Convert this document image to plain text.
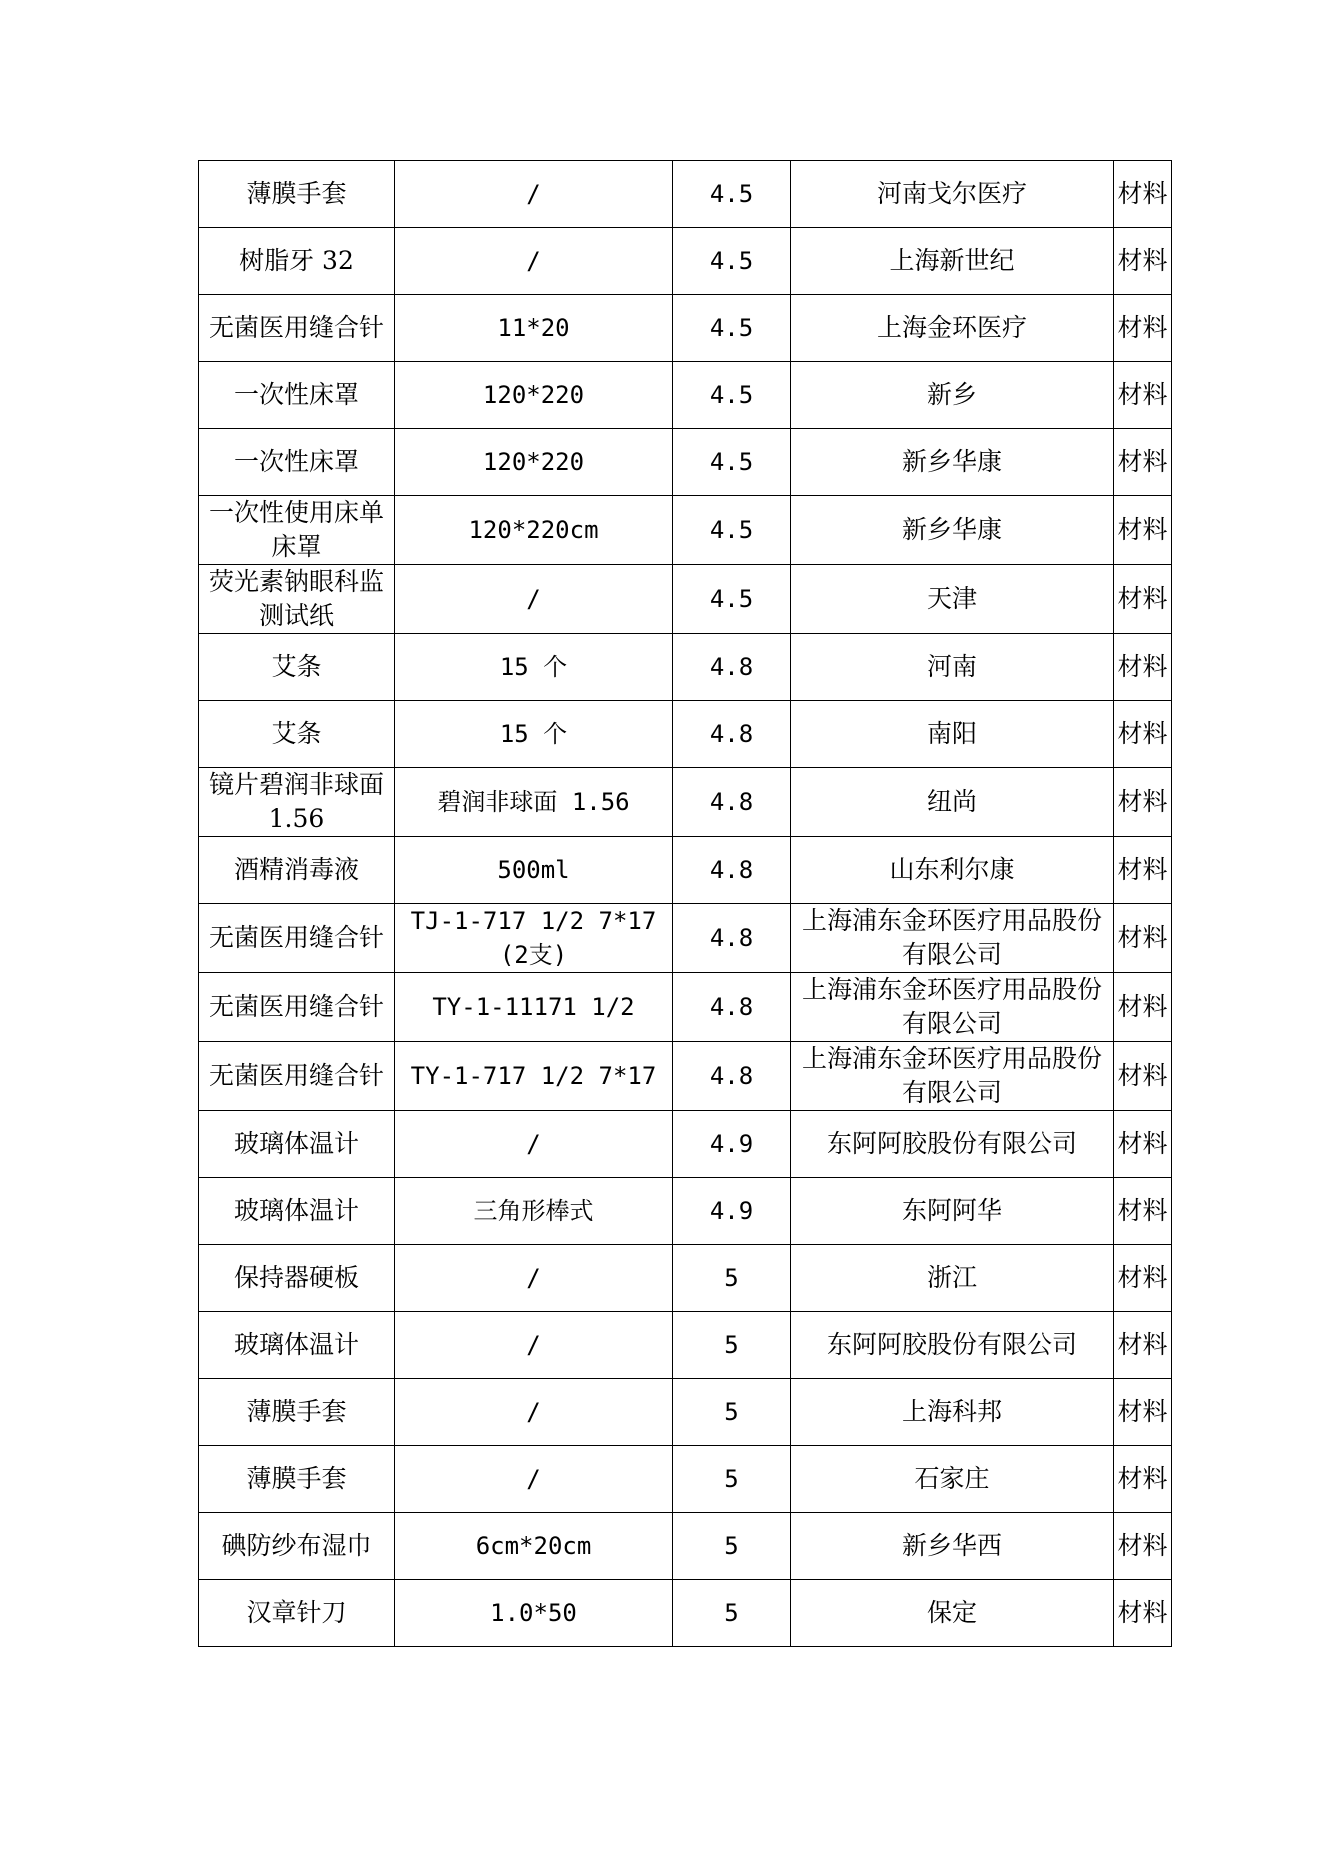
薄膜手套	/	4.5	河南戈尔医疗	材料
树脂牙 32	/	4.5	上海新世纪	材料
无菌医用缝合针	11*20	4.5	上海金环医疗	材料
一次性床罩	120*220	4.5	新乡	材料
一次性床罩	120*220	4.5	新乡华康	材料
一次性使用床单床罩	120*220cm	4.5	新乡华康	材料
荧光素钠眼科监测试纸	/	4.5	天津	材料
艾条	15 个	4.8	河南	材料
艾条	15 个	4.8	南阳	材料
镜片碧润非球面 1.56	碧润非球面 1.56	4.8	纽尚	材料
酒精消毒液	500ml	4.8	山东利尔康	材料
无菌医用缝合针	TJ-1-717 1/2 7*17(2支)	4.8	上海浦东金环医疗用品股份有限公司	材料
无菌医用缝合针	TY-1-11171 1/2	4.8	上海浦东金环医疗用品股份有限公司	材料
无菌医用缝合针	TY-1-717 1/2 7*17	4.8	上海浦东金环医疗用品股份有限公司	材料
玻璃体温计	/	4.9	东阿阿胶股份有限公司	材料
玻璃体温计	三角形棒式	4.9	东阿阿华	材料
保持器硬板	/	5	浙江	材料
玻璃体温计	/	5	东阿阿胶股份有限公司	材料
薄膜手套	/	5	上海科邦	材料
薄膜手套	/	5	石家庄	材料
碘防纱布湿巾	6cm*20cm	5	新乡华西	材料
汉章针刀	1.0*50	5	保定	材料
